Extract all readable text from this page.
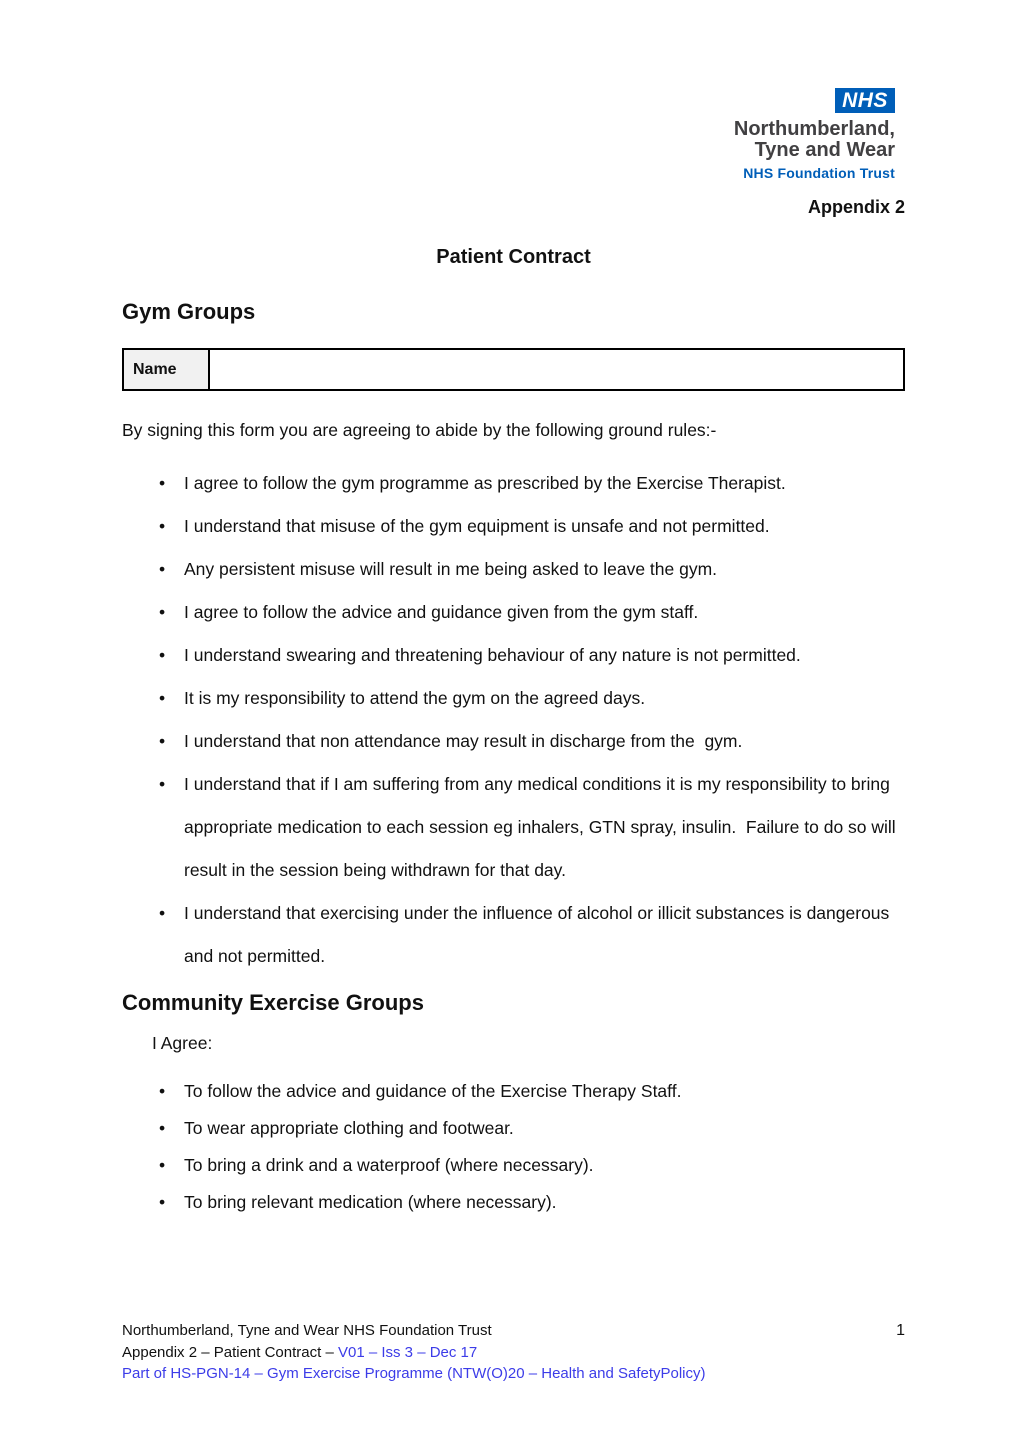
NHS
Northumberland,
Tyne and Wear
NHS Foundation Trust
Appendix 2
Patient Contract
Gym Groups
Name	
By signing this form you are agreeing to abide by the following ground rules:-
• I agree to follow the gym programme as prescribed by the Exercise Therapist.
• I understand that misuse of the gym equipment is unsafe and not permitted.
• Any persistent misuse will result in me being asked to leave the gym.
• I agree to follow the advice and guidance given from the gym staff.
• I understand swearing and threatening behaviour of any nature is not permitted.
• It is my responsibility to attend the gym on the agreed days.
• I understand that non attendance may result in discharge from the  gym.
• I understand that if I am suffering from any medical conditions it is my responsibility to bring appropriate medication to each session eg inhalers, GTN spray, insulin.  Failure to do so will result in the session being withdrawn for that day.
• I understand that exercising under the influence of alcohol or illicit substances is dangerous and not permitted.
Community Exercise Groups
I Agree:
• To follow the advice and guidance of the Exercise Therapy Staff.
• To wear appropriate clothing and footwear.
• To bring a drink and a waterproof (where necessary).
• To bring relevant medication (where necessary).
Northumberland, Tyne and Wear NHS Foundation Trust	1
Appendix 2 – Patient Contract – V01 – Iss 3 – Dec 17
Part of HS-PGN-14 – Gym Exercise Programme (NTW(O)20 – Health and SafetyPolicy)
